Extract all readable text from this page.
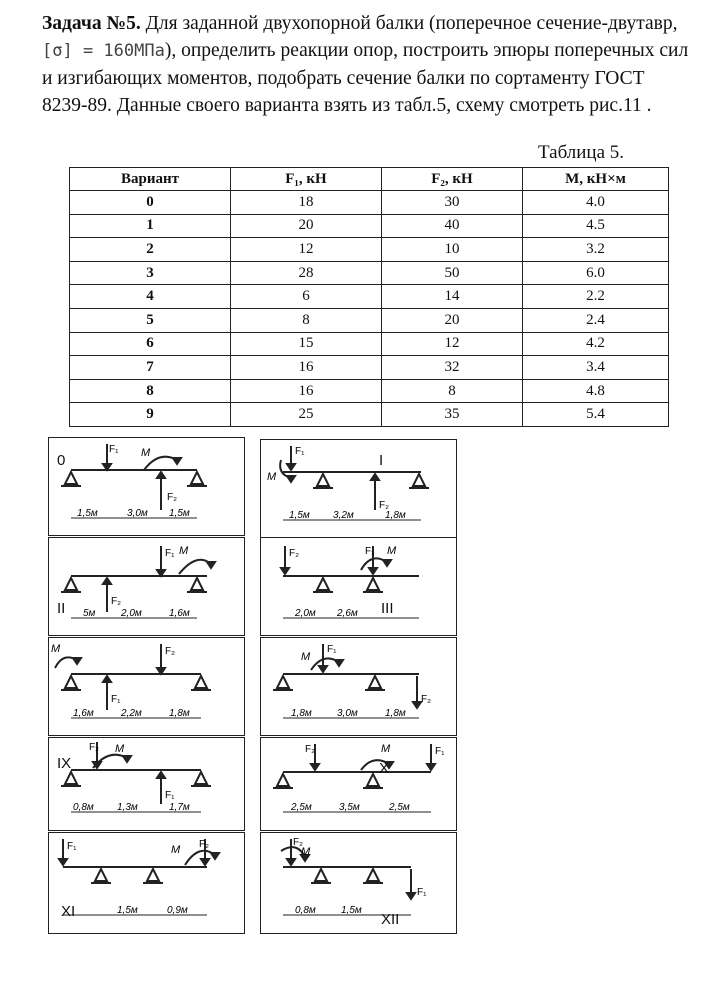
Задача №5. Для заданной двухопорной балки (поперечное сечение-двутавр, [σ] = 160МПа), определить реакции опор, построить эпюры поперечных сил и изгибающих моментов, подобрать сечение балки по сортаменту ГОСТ 8239-89. Данные своего варианта взять из табл.5, схему смотреть рис.11 .
Таблица 5.
Вариант	F₁, кН	F₂, кН	M, кН×м
0	18	30	4.0
1	20	40	4.5
2	12	10	3.2
3	28	50	6.0
4	6	14	2.2
5	8	20	2.4
6	15	12	4.2
7	16	32	3.4
8	16	8	4.8
9	25	35	5.4
F₁
F₂
M
1,5м	3,0м 1,5м
0
F₂
F₁ M
5м	2,0м	1,6м
II
F₁
F₂
M
1,6м	2,2м	1,8м
F₂ M
F₁
0,8м 1,3м	1,7м
IX
F₁	F₂
M
1,5м	0,9м
XI
F₁
M
F₂
1,5м 3,2м	1,8м
I
F₂	F₁ M
2,0м 2,6м III
F₁
M
F₂
1,8м	3,0м	1,8м
F₂	M	F₁
2,5м	3,5м	2,5м
X
F₂
M
F₁
0,8м	1,5м
XII
